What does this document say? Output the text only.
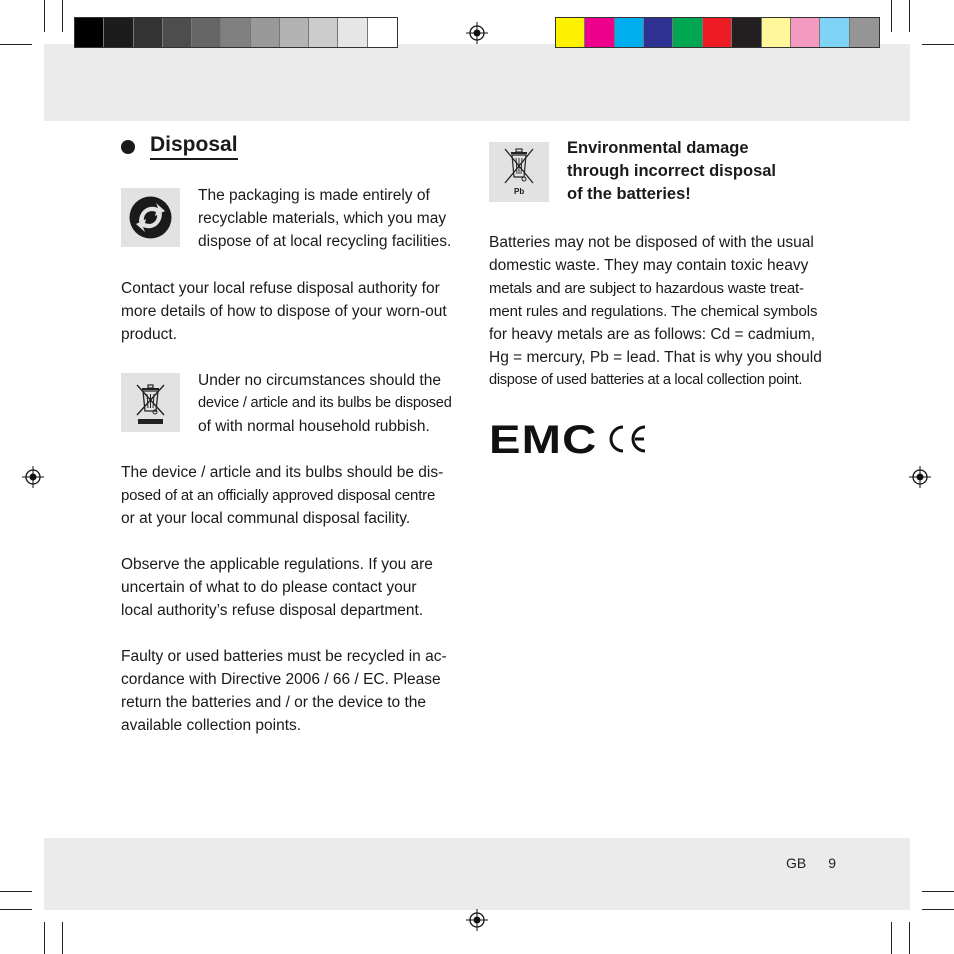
Disposal

The packaging is made entirely of

recyclable materials, which you may

dispose of at local recycling facilities.

Contact your local refuse disposal authority for

more details of how to dispose of your worn-out

product.

Under no circumstances should the

device / article and its bulbs be disposed

of with normal household rubbish.

The device / article and its bulbs should be dis-

posed of at an officially approved disposal centre

or at your local communal disposal facility.

Observe the applicable regulations. If you are

uncertain of what to do please contact your

local authority’s refuse disposal department.

Faulty or used batteries must be recycled in ac-

cordance with Directive 2006 / 66 / EC. Please

return the batteries and / or the device to the

available collection points.

Pb
Environmental damage
through incorrect disposal
of the batteries!

Batteries may not be disposed of with the usual

domestic waste. They may contain toxic heavy

metals and are subject to hazardous waste treat-

ment rules and regulations. The chemical symbols

for heavy metals are as follows: Cd = cadmium,

Hg = mercury, Pb = lead. That is why you should

dispose of used batteries at a local collection point.

EMC
GB 9
